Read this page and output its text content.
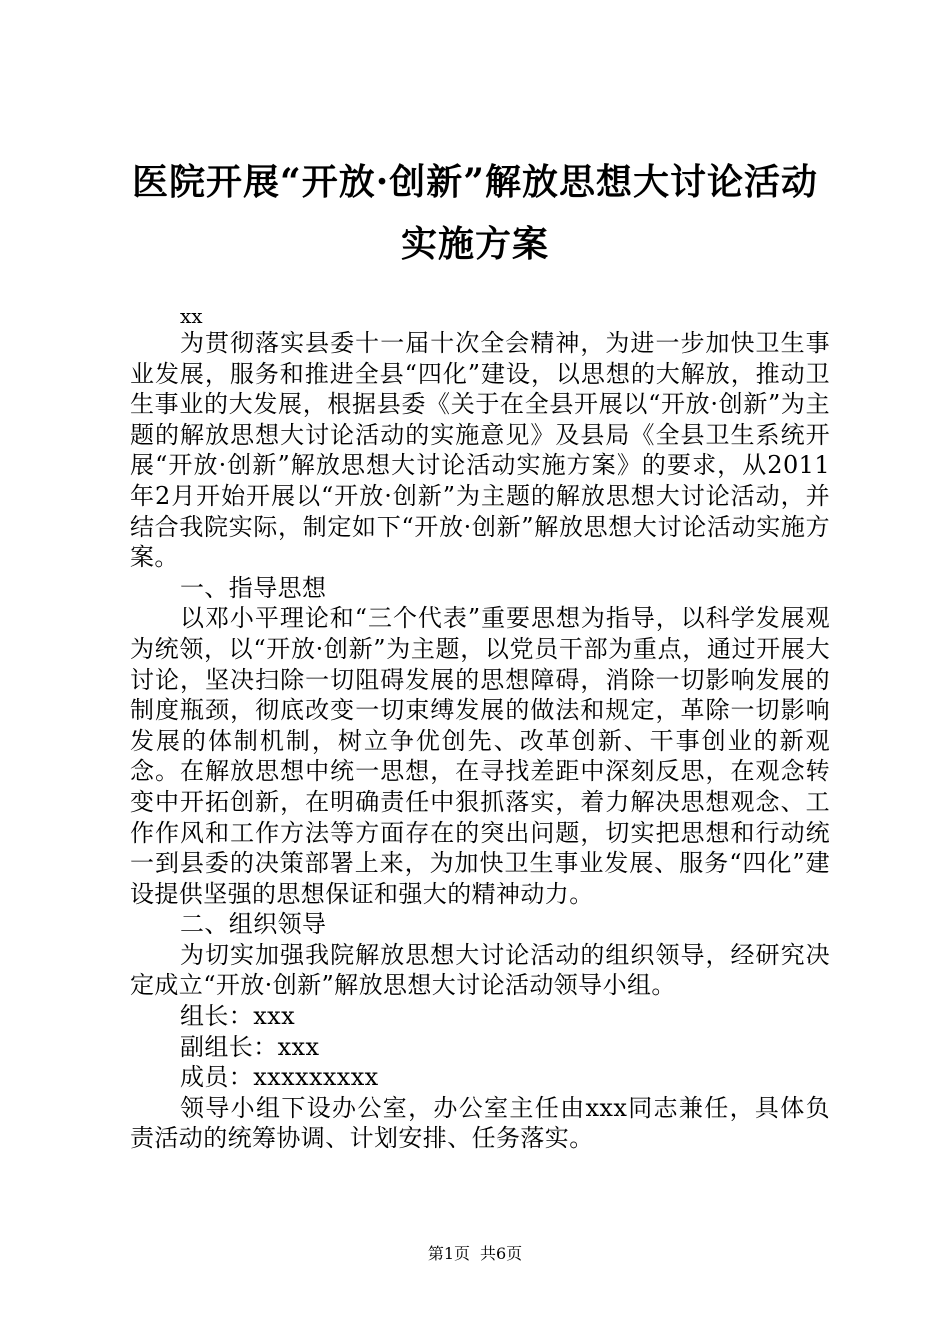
医院开展“开放·创新”解放思想大讨论活动
实施方案
xx

为贯彻落实县委十一届十次全会精神，为进一步加快卫生事业发展，服务和推进全县“四化”建设，以思想的大解放，推动卫生事业的大发展，根据县委《关于在全县开展以“开放·创新”为主题的解放思想大讨论活动的实施意见》及县局《全县卫生系统开展“开放·创新”解放思想大讨论活动实施方案》的要求，从2011年2月开始开展以“开放·创新”为主题的解放思想大讨论活动，并结合我院实际，制定如下“开放·创新”解放思想大讨论活动实施方案。

一、指导思想

以邓小平理论和“三个代表”重要思想为指导，以科学发展观为统领，以“开放·创新”为主题，以党员干部为重点，通过开展大讨论，坚决扫除一切阻碍发展的思想障碍，消除一切影响发展的制度瓶颈，彻底改变一切束缚发展的做法和规定，革除一切影响发展的体制机制，树立争优创先、改革创新、干事创业的新观念。在解放思想中统一思想，在寻找差距中深刻反思，在观念转变中开拓创新，在明确责任中狠抓落实，着力解决思想观念、工作作风和工作方法等方面存在的突出问题，切实把思想和行动统一到县委的决策部署上来，为加快卫生事业发展、服务“四化”建设提供坚强的思想保证和强大的精神动力。

二、组织领导

为切实加强我院解放思想大讨论活动的组织领导，经研究决定成立“开放·创新”解放思想大讨论活动领导小组。

组长：xxx

副组长：xxx

成员：xxxxxxxxx

领导小组下设办公室，办公室主任由xxx同志兼任，具体负责活动的统筹协调、计划安排、任务落实。

第1页 共6页
